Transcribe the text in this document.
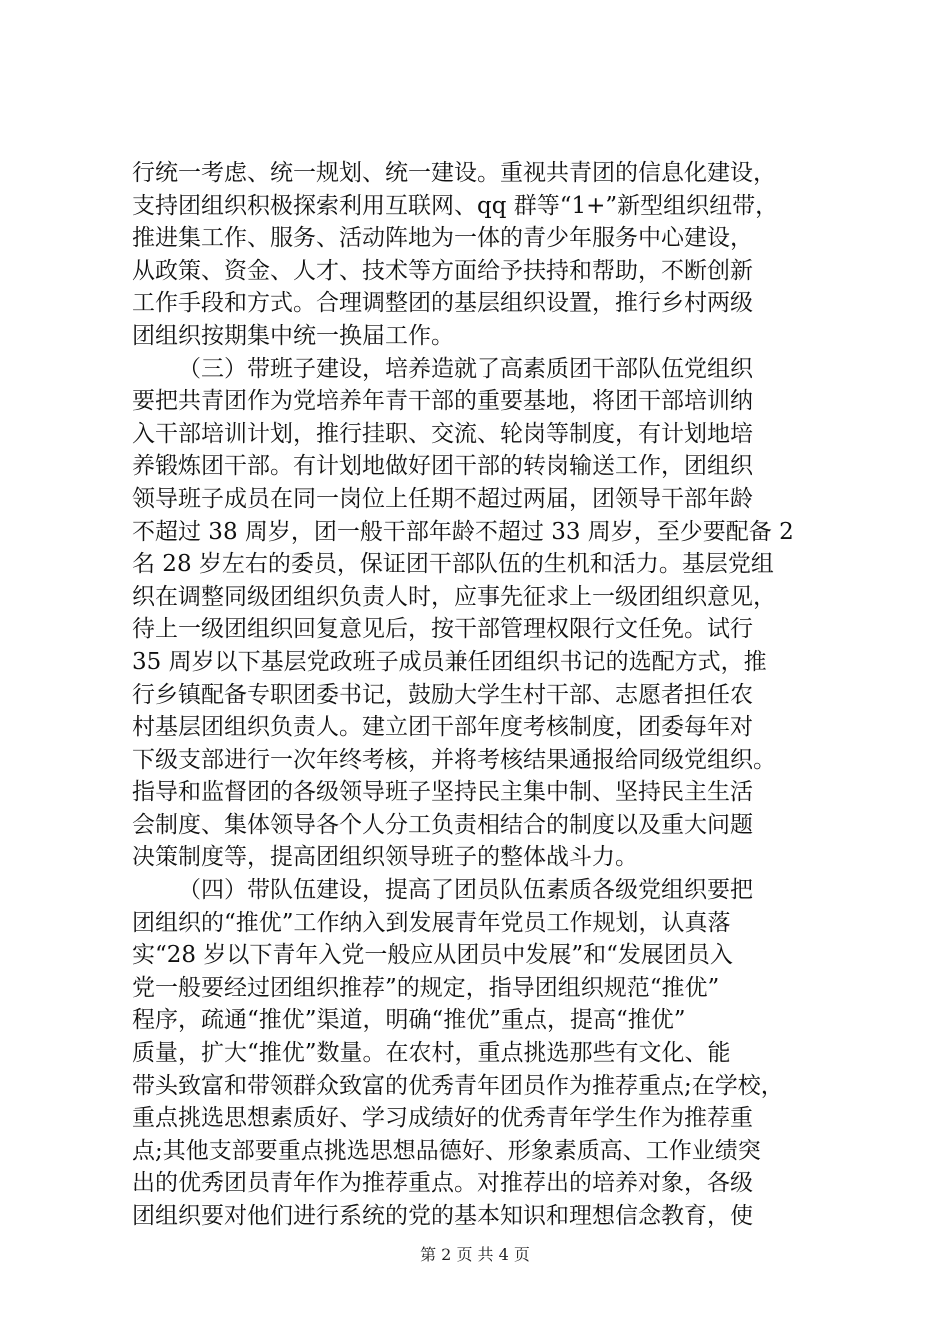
行统一考虑、统一规划、统一建设。重视共青团的信息化建设，
支持团组织积极探索利用互联网、qq 群等“1+”新型组织纽带，
推进集工作、服务、活动阵地为一体的青少年服务中心建设，
从政策、资金、人才、技术等方面给予扶持和帮助，不断创新
工作手段和方式。合理调整团的基层组织设置，推行乡村两级
团组织按期集中统一换届工作。
（三）带班子建设，培养造就了高素质团干部队伍党组织
要把共青团作为党培养年青干部的重要基地，将团干部培训纳
入干部培训计划，推行挂职、交流、轮岗等制度，有计划地培
养锻炼团干部。有计划地做好团干部的转岗输送工作，团组织
领导班子成员在同一岗位上任期不超过两届，团领导干部年龄
不超过 38 周岁，团一般干部年龄不超过 33 周岁，至少要配备 2
名 28 岁左右的委员，保证团干部队伍的生机和活力。基层党组
织在调整同级团组织负责人时，应事先征求上一级团组织意见，
待上一级团组织回复意见后，按干部管理权限行文任免。试行
35 周岁以下基层党政班子成员兼任团组织书记的选配方式，推
行乡镇配备专职团委书记，鼓励大学生村干部、志愿者担任农
村基层团组织负责人。建立团干部年度考核制度，团委每年对
下级支部进行一次年终考核，并将考核结果通报给同级党组织。
指导和监督团的各级领导班子坚持民主集中制、坚持民主生活
会制度、集体领导各个人分工负责相结合的制度以及重大问题
决策制度等，提高团组织领导班子的整体战斗力。
（四）带队伍建设，提高了团员队伍素质各级党组织要把
团组织的“推优”工作纳入到发展青年党员工作规划，认真落
实“28 岁以下青年入党一般应从团员中发展”和“发展团员入
党一般要经过团组织推荐”的规定，指导团组织规范“推优”
程序，疏通“推优”渠道，明确“推优”重点，提高“推优”
质量，扩大“推优”数量。在农村，重点挑选那些有文化、能
带头致富和带领群众致富的优秀青年团员作为推荐重点;在学校，
重点挑选思想素质好、学习成绩好的优秀青年学生作为推荐重
点;其他支部要重点挑选思想品德好、形象素质高、工作业绩突
出的优秀团员青年作为推荐重点。对推荐出的培养对象，各级
团组织要对他们进行系统的党的基本知识和理想信念教育，使
第 2 页 共 4 页
